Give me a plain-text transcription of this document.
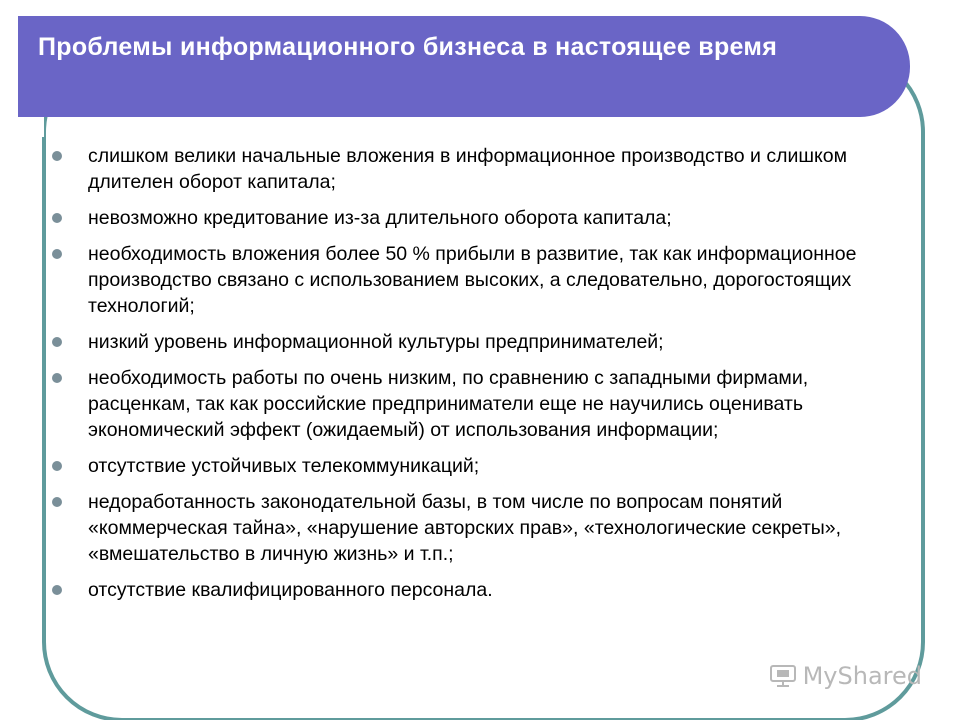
Проблемы информационного бизнеса в настоящее время
слишком велики начальные вложения в информационное производство и слишком длителен оборот капитала;
невозможно кредитование из-за длительного оборота капитала;
необходимость вложения более 50 % прибыли в развитие, так как информационное производство связано с использованием высоких, а следовательно, дорогостоящих технологий;
низкий уровень информационной культуры предпринимателей;
необходимость работы по очень низким, по сравнению с западными фирмами, расценкам, так как российские предприниматели еще не научились оценивать экономический эффект (ожидаемый) от использования информации;
отсутствие устойчивых телекоммуникаций;
недоработанность законодательной базы, в том числе по вопросам понятий «коммерческая тайна», «нарушение авторских прав», «технологические секреты», «вмешательство в личную жизнь» и т.п.;
отсутствие квалифицированного персонала.
MyShared
